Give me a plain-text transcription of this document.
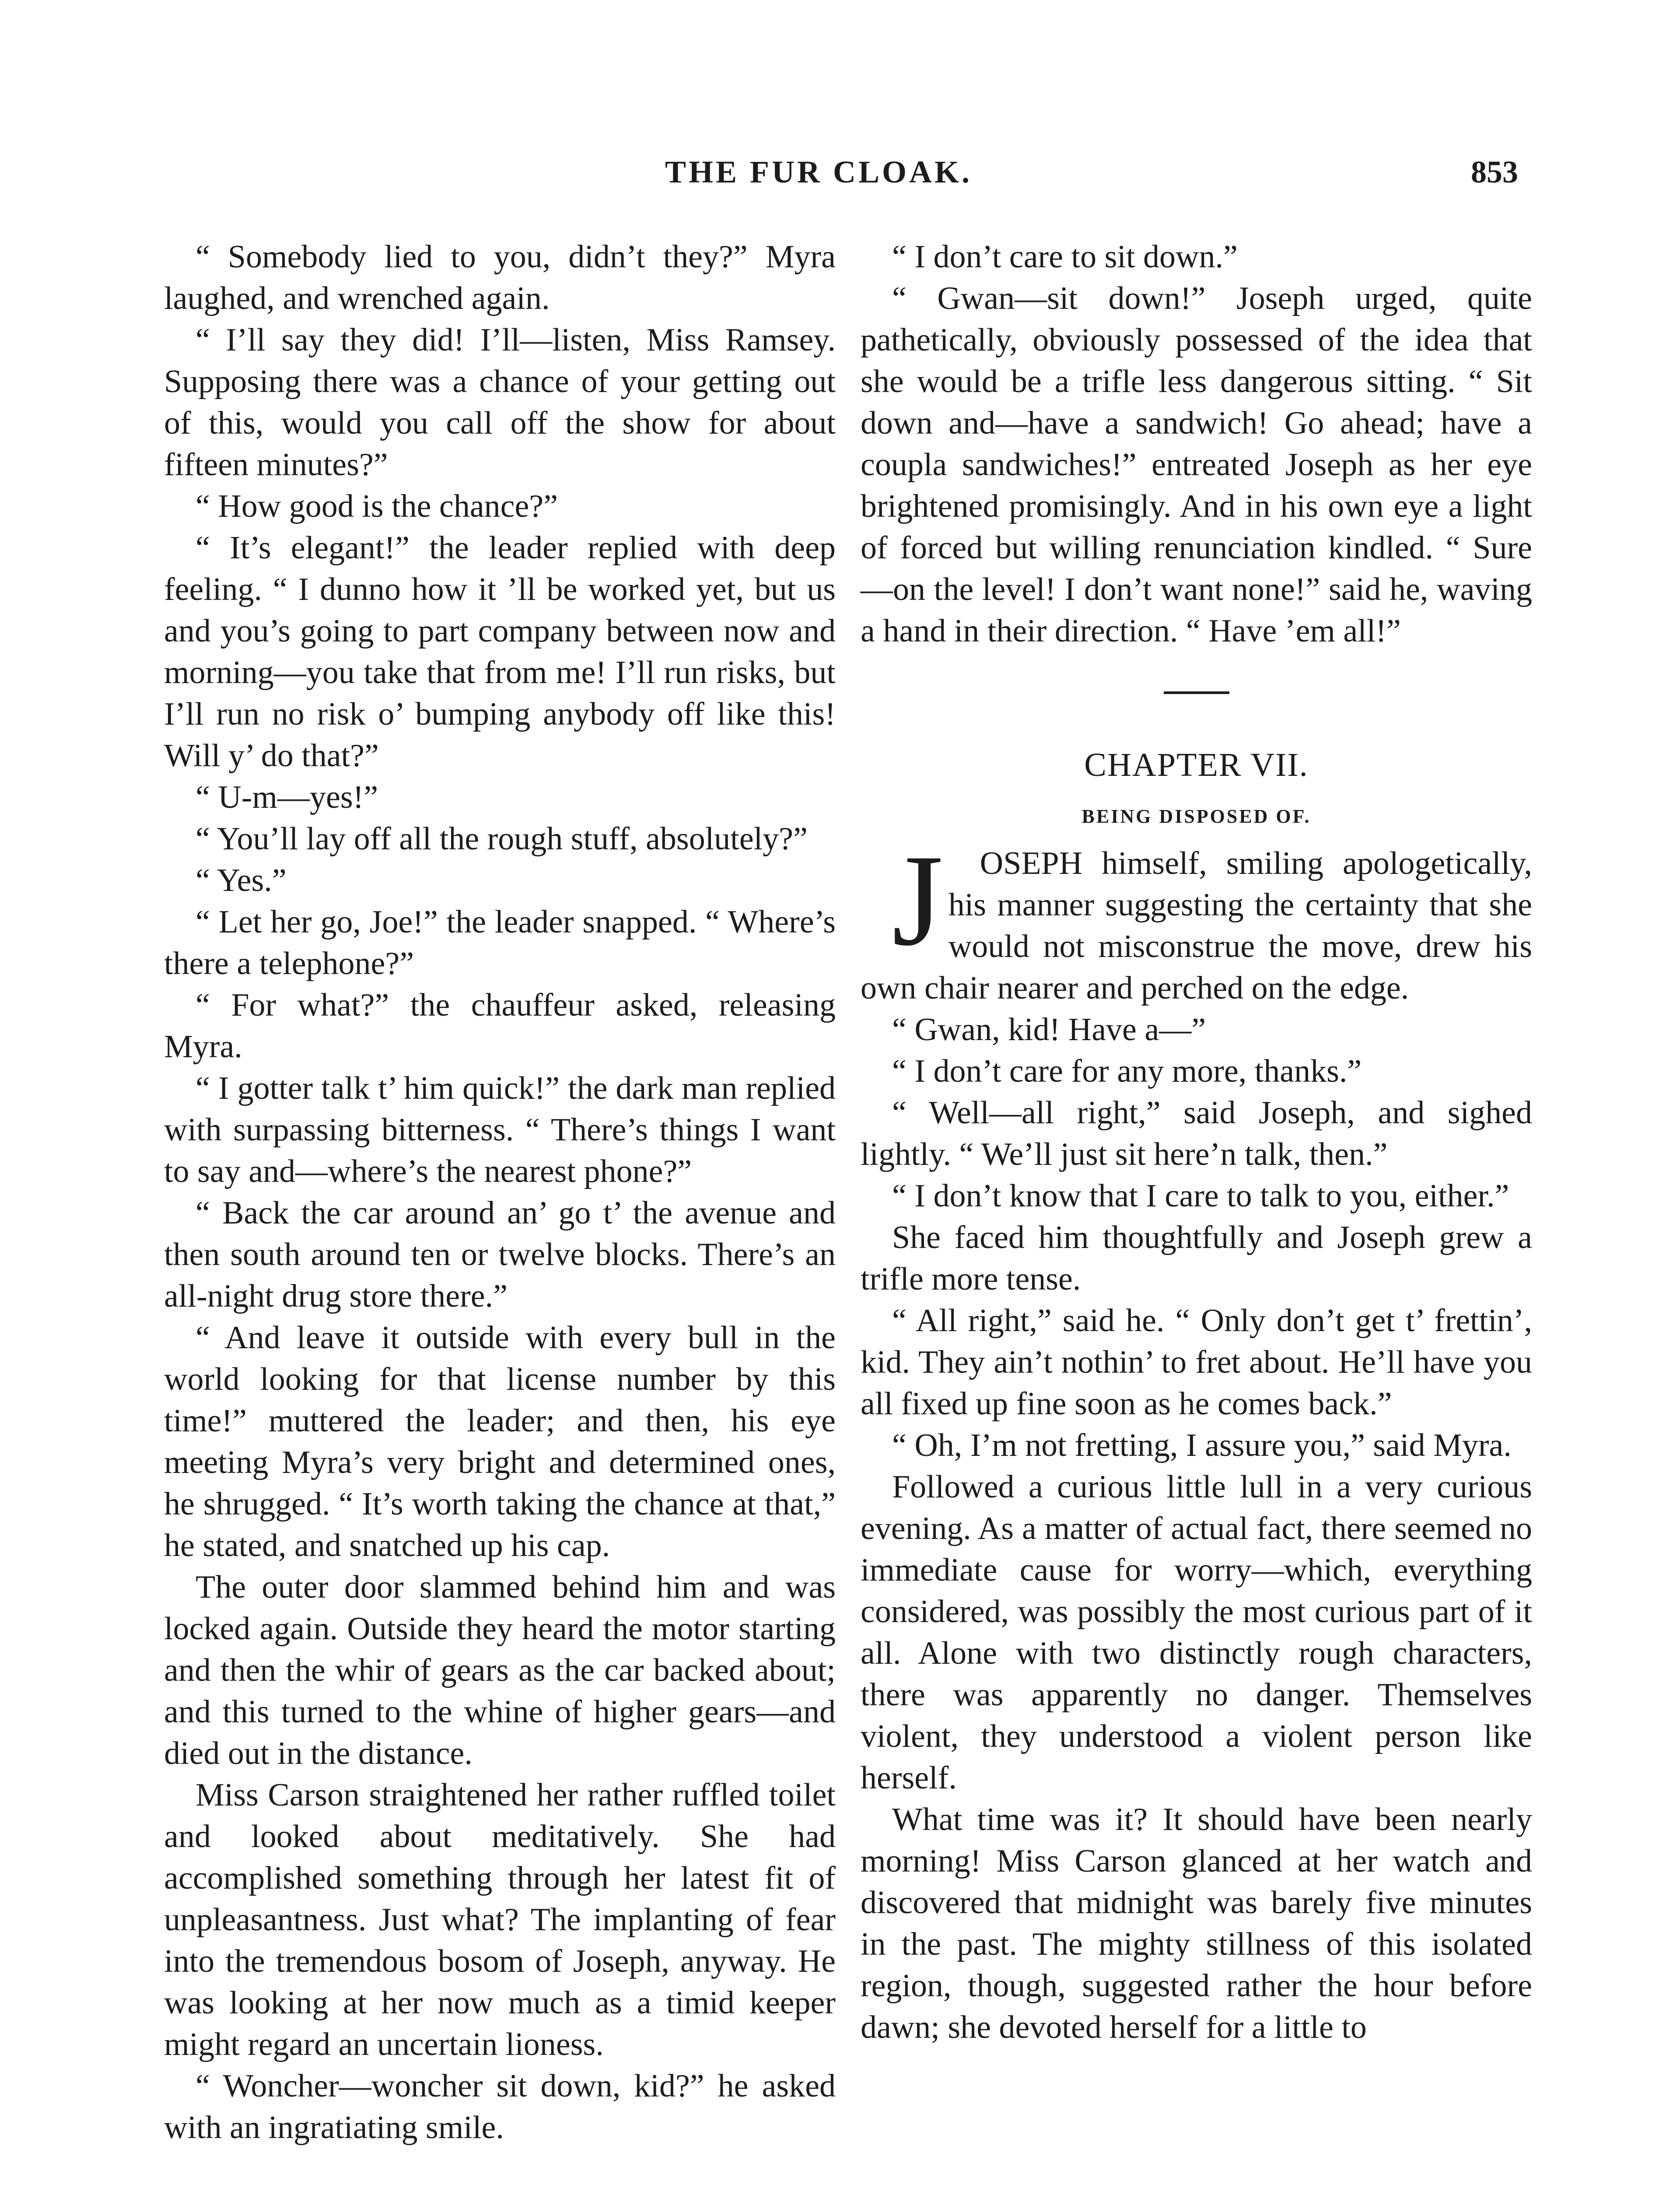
THE FUR CLOAK.	853

“ Somebody lied to you, didn’t they?” Myra laughed, and wrenched again.

“ I’ll say they did! I’ll—listen, Miss Ramsey. Supposing there was a chance of your getting out of this, would you call off the show for about fifteen minutes?”

“ How good is the chance?”

“ It’s elegant!” the leader replied with deep feeling. “ I dunno how it ’ll be worked yet, but us and you’s going to part company between now and morning—you take that from me! I’ll run risks, but I’ll run no risk o’ bumping anybody off like this! Will y’ do that?”

“ U-m—yes!”

“ You’ll lay off all the rough stuff, absolutely?”

“ Yes.”

“ Let her go, Joe!” the leader snapped. “ Where’s there a telephone?”

“ For what?” the chauffeur asked, releasing Myra.

“ I gotter talk t’ him quick!” the dark man replied with surpassing bitterness. “ There’s things I want to say and—where’s the nearest phone?”

“ Back the car around an’ go t’ the avenue and then south around ten or twelve blocks. There’s an all-night drug store there.”

“ And leave it outside with every bull in the world looking for that license number by this time!” muttered the leader; and then, his eye meeting Myra’s very bright and determined ones, he shrugged. “ It’s worth taking the chance at that,” he stated, and snatched up his cap.

The outer door slammed behind him and was locked again. Outside they heard the motor starting and then the whir of gears as the car backed about; and this turned to the whine of higher gears—and died out in the distance.

Miss Carson straightened her rather ruffled toilet and looked about meditatively. She had accomplished something through her latest fit of unpleasantness. Just what? The implanting of fear into the tremendous bosom of Joseph, anyway. He was looking at her now much as a timid keeper might regard an uncertain lioness.

“ Woncher—woncher sit down, kid?” he asked with an ingratiating smile.

“ I don’t care to sit down.”

“ Gwan—sit down!” Joseph urged, quite pathetically, obviously possessed of the idea that she would be a trifle less dangerous sitting. “ Sit down and—have a sandwich! Go ahead; have a coupla sandwiches!” entreated Joseph as her eye brightened promisingly. And in his own eye a light of forced but willing renunciation kindled. “ Sure—on the level! I don’t want none!” said he, waving a hand in their direction. “ Have ’em all!”

CHAPTER VII.
BEING DISPOSED OF.

J OSEPH himself, smiling apologetically, his manner suggesting the certainty that she would not misconstrue the move, drew his own chair nearer and perched on the edge.

“ Gwan, kid! Have a—”

“ I don’t care for any more, thanks.”

“ Well—all right,” said Joseph, and sighed lightly. “ We’ll just sit here’n talk, then.”

“ I don’t know that I care to talk to you, either.”

She faced him thoughtfully and Joseph grew a trifle more tense.

“ All right,” said he. “ Only don’t get t’ frettin’, kid. They ain’t nothin’ to fret about. He’ll have you all fixed up fine soon as he comes back.”

“ Oh, I’m not fretting, I assure you,” said Myra.

Followed a curious little lull in a very curious evening. As a matter of actual fact, there seemed no immediate cause for worry—which, everything considered, was possibly the most curious part of it all. Alone with two distinctly rough characters, there was apparently no danger. Themselves violent, they understood a violent person like herself.

What time was it? It should have been nearly morning! Miss Carson glanced at her watch and discovered that midnight was barely five minutes in the past. The mighty stillness of this isolated region, though, suggested rather the hour before dawn; she devoted herself for a little to
